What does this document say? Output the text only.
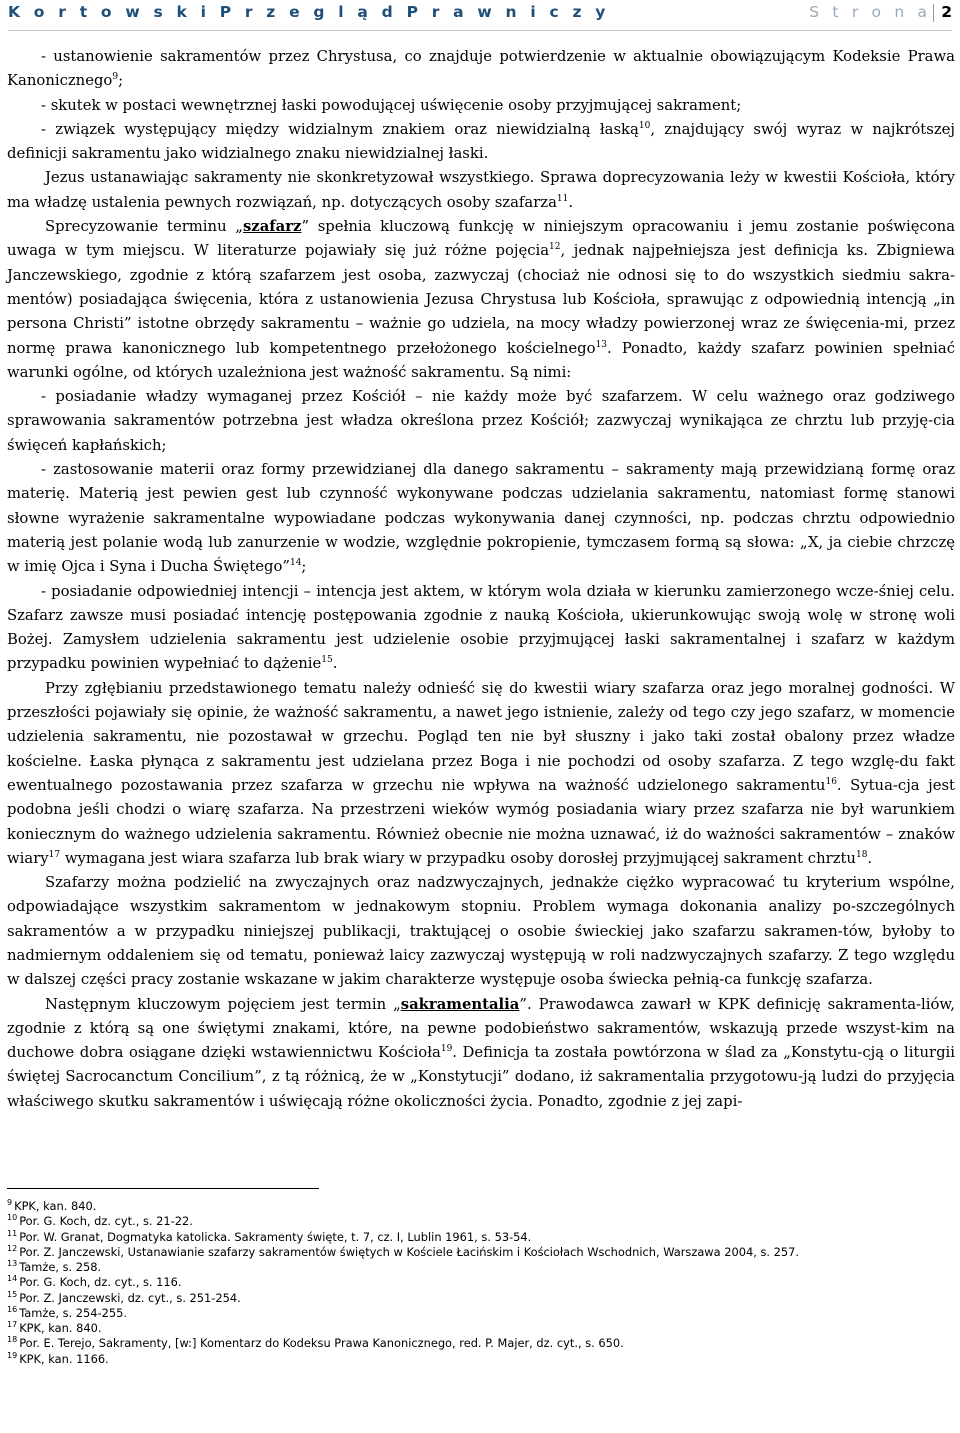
K o r t o w s k i P r z e g l ą d P r a w n i c z y	S t r o n a 2

- ustanowienie sakramentów przez Chrystusa, co znajduje potwierdzenie w aktualnie obowiązującym Kodeksie Prawa Kanonicznego$^9$;

- skutek w postaci wewnętrznej łaski powodującej uświęcenie osoby przyjmującej sakrament;

- związek występujący między widzialnym znakiem oraz niewidzialną łaską$^{10}$, znajdujący swój wyraz w najkrótszej definicji sakramentu jako widzialnego znaku niewidzialnej łaski.

Jezus ustanawiając sakramenty nie skonkretyzował wszystkiego. Sprawa doprecyzowania leży w kwestii Kościoła, który ma władzę ustalenia pewnych rozwiązań, np. dotyczących osoby szafarza$^{11}$.

Sprecyzowanie terminu „szafarz” spełnia kluczową funkcję w niniejszym opracowaniu i jemu zostanie poświęcona uwaga w tym miejscu. W literaturze pojawiały się już różne pojęcia$^{12}$, jednak najpełniejsza jest definicja ks. Zbigniewa Janczewskiego, zgodnie z którą szafarzem jest osoba, zazwyczaj (chociaż nie odnosi się to do wszystkich siedmiu sakra-mentów) posiadająca święcenia, która z ustanowienia Jezusa Chrystusa lub Kościoła, sprawując z odpowiednią intencją „in persona Christi” istotne obrzędy sakramentu – ważnie go udziela, na mocy władzy powierzonej wraz ze święcenia-mi, przez normę prawa kanonicznego lub kompetentnego przełożonego kościelnego$^{13}$. Ponadto, każdy szafarz powinien spełniać warunki ogólne, od których uzależniona jest ważność sakramentu. Są nimi:

- posiadanie władzy wymaganej przez Kościół – nie każdy może być szafarzem. W celu ważnego oraz godziwego sprawowania sakramentów potrzebna jest władza określona przez Kościół; zazwyczaj wynikająca ze chrztu lub przyję-cia święceń kapłańskich;

- zastosowanie materii oraz formy przewidzianej dla danego sakramentu – sakramenty mają przewidzianą formę oraz materię. Materią jest pewien gest lub czynność wykonywane podczas udzielania sakramentu, natomiast formę stanowi słowne wyrażenie sakramentalne wypowiadane podczas wykonywania danej czynności, np. podczas chrztu odpowiednio materią jest polanie wodą lub zanurzenie w wodzie, względnie pokropienie, tymczasem formą są słowa: „X, ja ciebie chrzczę w imię Ojca i Syna i Ducha Świętego”$^{14}$;

- posiadanie odpowiedniej intencji – intencja jest aktem, w którym wola działa w kierunku zamierzonego wcze-śniej celu. Szafarz zawsze musi posiadać intencję postępowania zgodnie z nauką Kościoła, ukierunkowując swoją wolę w stronę woli Bożej. Zamysłem udzielenia sakramentu jest udzielenie osobie przyjmującej łaski sakramentalnej i szafarz w każdym przypadku powinien wypełniać to dążenie$^{15}$.

Przy zgłębianiu przedstawionego tematu należy odnieść się do kwestii wiary szafarza oraz jego moralnej godności. W przeszłości pojawiały się opinie, że ważność sakramentu, a nawet jego istnienie, zależy od tego czy jego szafarz, w momencie udzielenia sakramentu, nie pozostawał w grzechu. Pogląd ten nie był słuszny i jako taki został obalony przez władze kościelne. Łaska płynąca z sakramentu jest udzielana przez Boga i nie pochodzi od osoby szafarza. Z tego wzglę-du fakt ewentualnego pozostawania przez szafarza w grzechu nie wpływa na ważność udzielonego sakramentu$^{16}$. Sytua-cja jest podobna jeśli chodzi o wiarę szafarza. Na przestrzeni wieków wymóg posiadania wiary przez szafarza nie był warunkiem koniecznym do ważnego udzielenia sakramentu. Również obecnie nie można uznawać, iż do ważności sakramentów – znaków wiary$^{17}$ wymagana jest wiara szafarza lub brak wiary w przypadku osoby dorosłej przyjmującej sakrament chrztu$^{18}$.

Szafarzy można podzielić na zwyczajnych oraz nadzwyczajnych, jednakże ciężko wypracować tu kryterium wspólne, odpowiadające wszystkim sakramentom w jednakowym stopniu. Problem wymaga dokonania analizy po-szczególnych sakramentów a w przypadku niniejszej publikacji, traktującej o osobie świeckiej jako szafarzu sakramen-tów, byłoby to nadmiernym oddaleniem się od tematu, ponieważ laicy zazwyczaj występują w roli nadzwyczajnych szafarzy. Z tego względu w dalszej części pracy zostanie wskazane w jakim charakterze występuje osoba świecka pełnią-ca funkcję szafarza.

Następnym kluczowym pojęciem jest termin „sakramentalia”. Prawodawca zawarł w KPK definicję sakramenta-liów, zgodnie z którą są one świętymi znakami, które, na pewne podobieństwo sakramentów, wskazują przede wszyst-kim na duchowe dobra osiągane dzięki wstawiennictwu Kościoła$^{19}$. Definicja ta została powtórzona w ślad za „Konstytu-cją o liturgii świętej Sacrocanctum Concilium”, z tą różnicą, że w „Konstytucji” dodano, iż sakramentalia przygotowu-ją ludzi do przyjęcia właściwego skutku sakramentów i uświęcają różne okoliczności życia. Ponadto, zgodnie z jej zapi-

$^9$ KPK, kan. 840.
$^{10}$ Por. G. Koch, dz. cyt., s. 21-22.
$^{11}$ Por. W. Granat, Dogmatyka katolicka. Sakramenty święte, t. 7, cz. I, Lublin 1961, s. 53-54.
$^{12}$ Por. Z. Janczewski, Ustanawianie szafarzy sakramentów świętych w Kościele Łacińskim i Kościołach Wschodnich, Warszawa 2004, s. 257.
$^{13}$ Tamże, s. 258.
$^{14}$ Por. G. Koch, dz. cyt., s. 116.
$^{15}$ Por. Z. Janczewski, dz. cyt., s. 251-254.
$^{16}$ Tamże, s. 254-255.
$^{17}$ KPK, kan. 840.
$^{18}$ Por. E. Terejo, Sakramenty, [w:] Komentarz do Kodeksu Prawa Kanonicznego, red. P. Majer, dz. cyt., s. 650.
$^{19}$ KPK, kan. 1166.
